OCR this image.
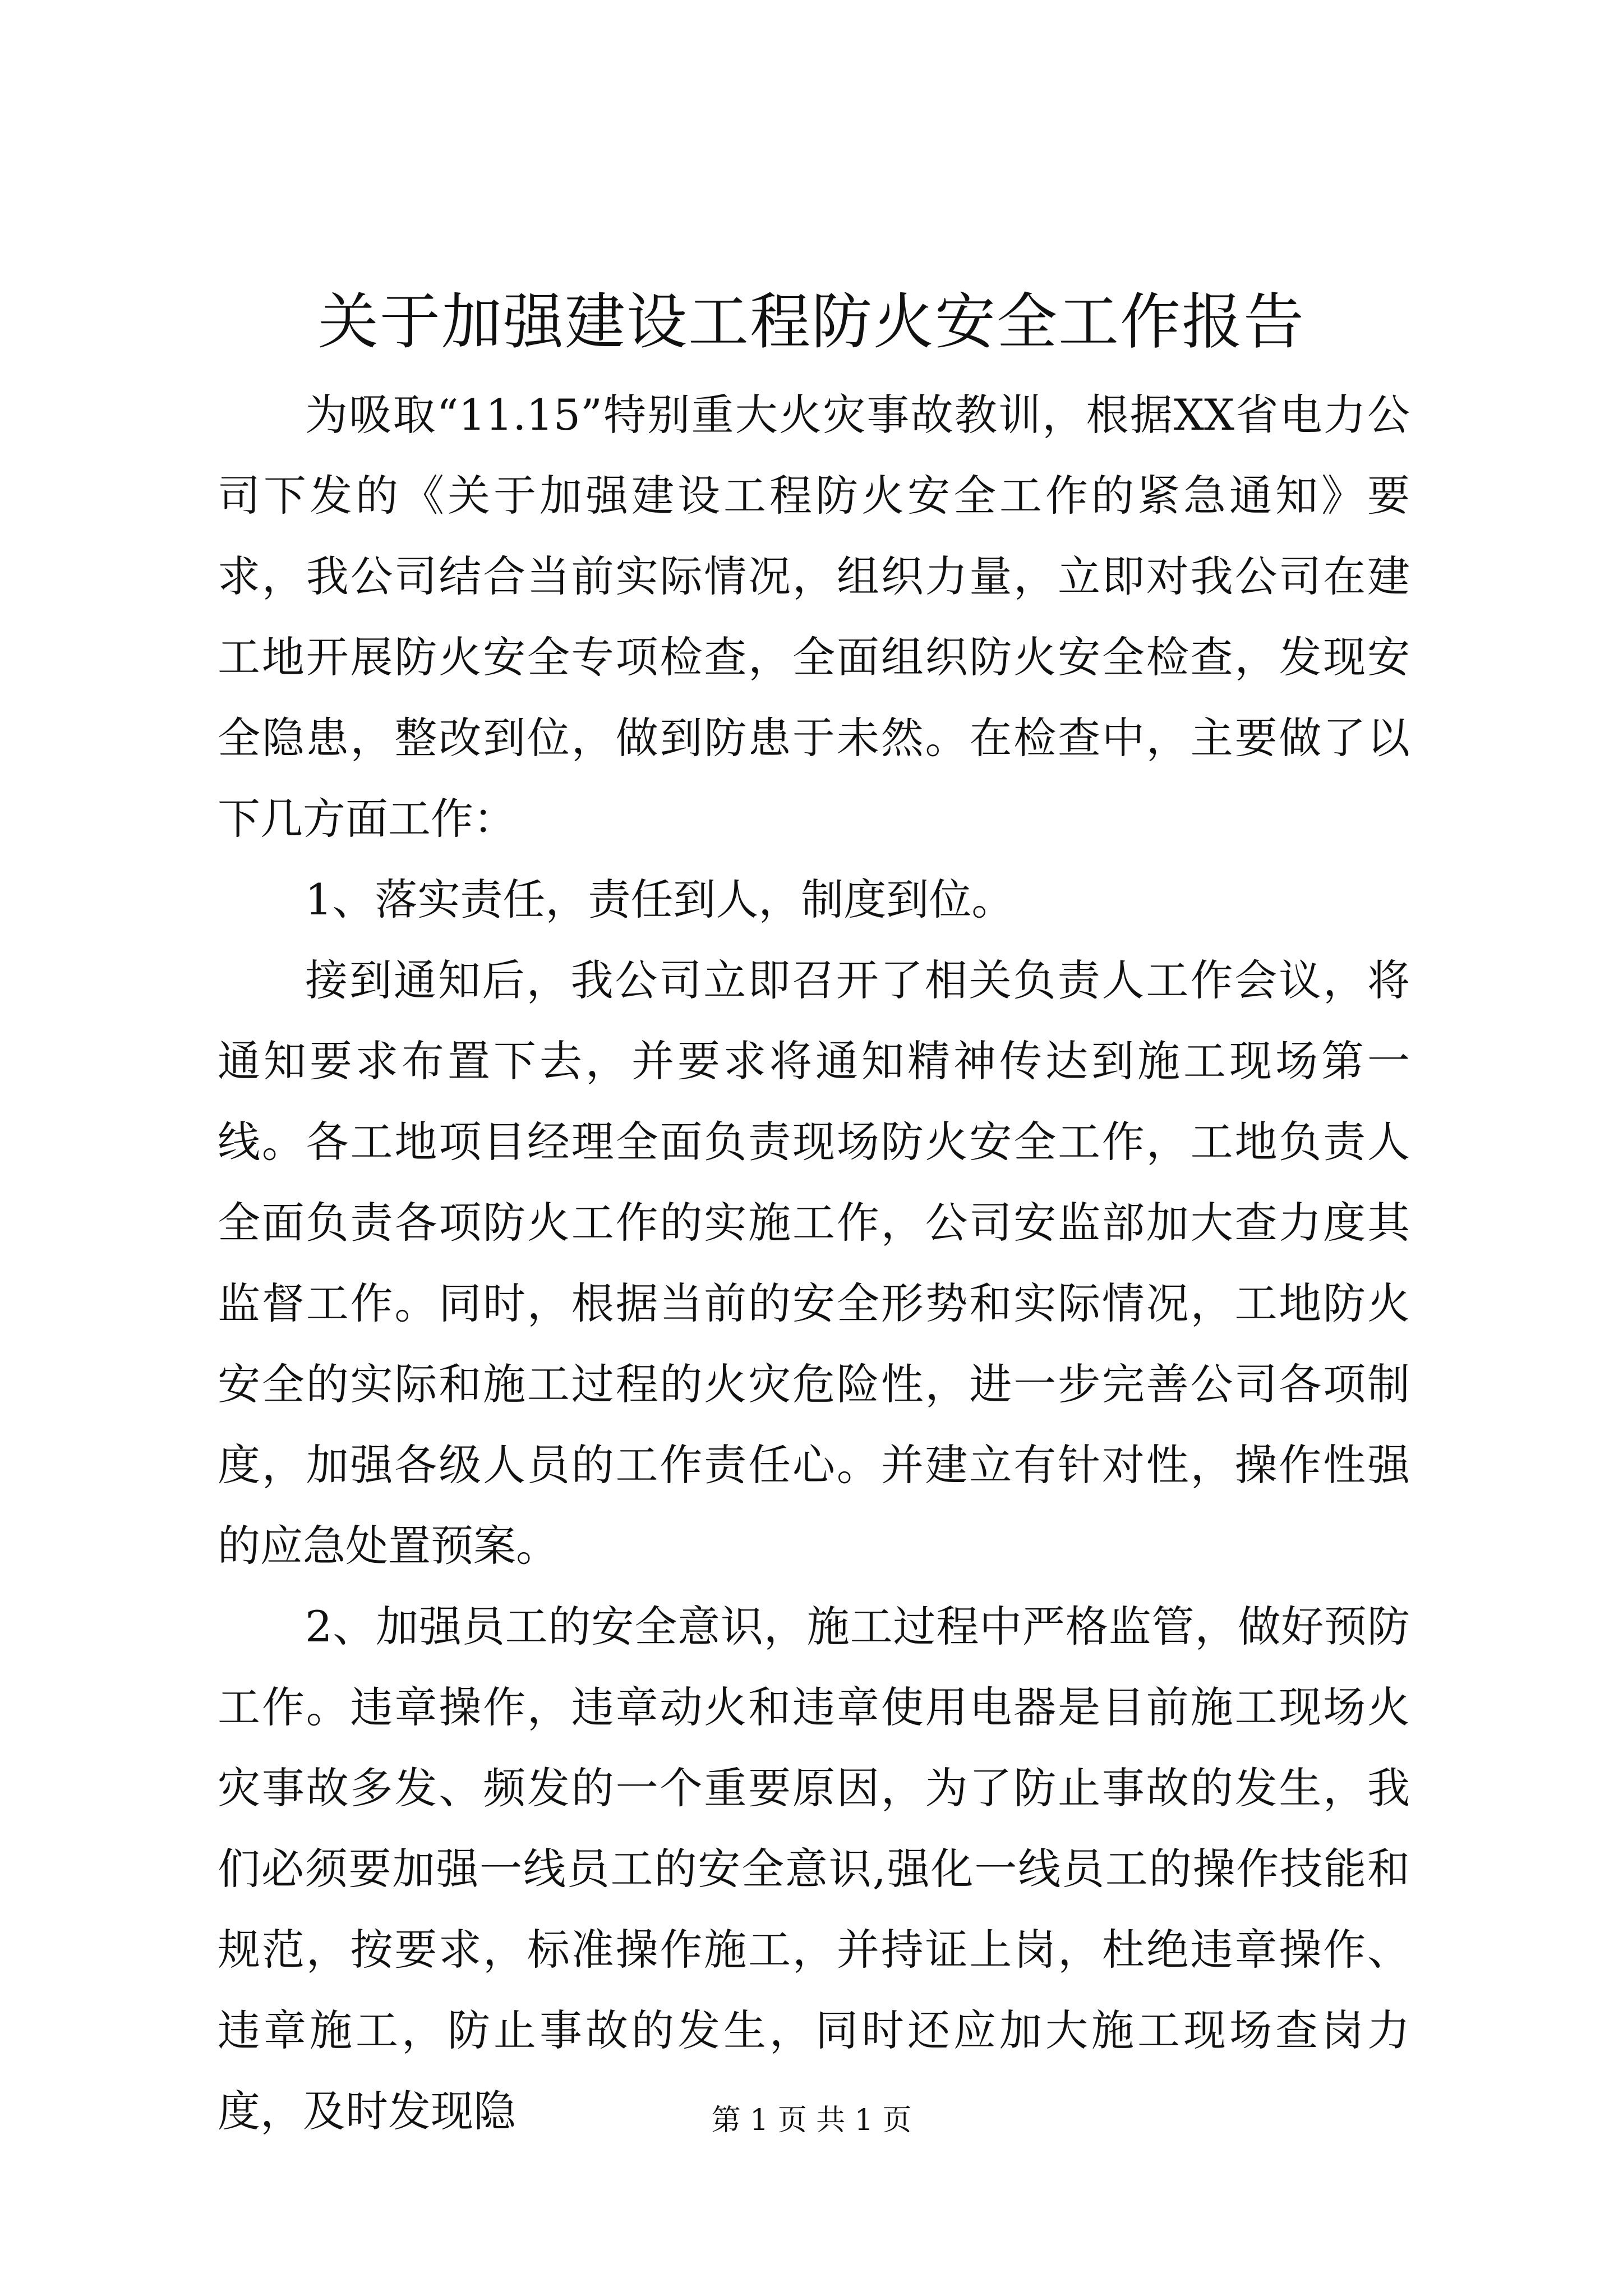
关于加强建设工程防火安全工作报告

为吸取“11.15”特别重大火灾事故教训，根据XX省电力公司下发的《关于加强建设工程防火安全工作的紧急通知》要求，我公司结合当前实际情况，组织力量，立即对我公司在建工地开展防火安全专项检查，全面组织防火安全检查，发现安全隐患，整改到位，做到防患于未然。在检查中，主要做了以下几方面工作：

1、落实责任，责任到人，制度到位。

接到通知后，我公司立即召开了相关负责人工作会议，将通知要求布置下去，并要求将通知精神传达到施工现场第一线。各工地项目经理全面负责现场防火安全工作，工地负责人全面负责各项防火工作的实施工作，公司安监部加大查力度其监督工作。同时，根据当前的安全形势和实际情况，工地防火安全的实际和施工过程的火灾危险性，进一步完善公司各项制度，加强各级人员的工作责任心。并建立有针对性，操作性强的应急处置预案。

2、加强员工的安全意识，施工过程中严格监管，做好预防工作。违章操作，违章动火和违章使用电器是目前施工现场火灾事故多发、频发的一个重要原因，为了防止事故的发生，我们必须要加强一线员工的安全意识,强化一线员工的操作技能和规范，按要求，标准操作施工，并持证上岗，杜绝违章操作、违章施工，防止事故的发生，同时还应加大施工现场查岗力度，及时发现隐	第 1 页 共 1 页
